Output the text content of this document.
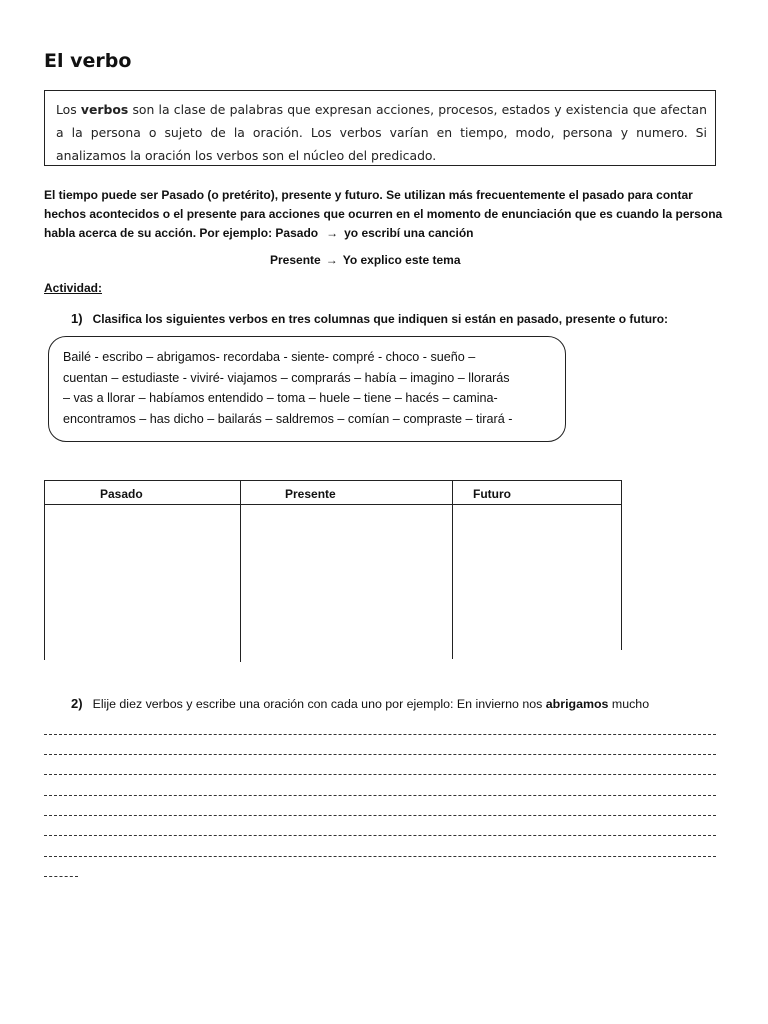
El verbo
Los verbos son la clase de palabras que expresan acciones, procesos, estados y existencia que afectan a la persona o sujeto de la oración. Los verbos varían en tiempo, modo, persona y numero. Si analizamos la oración los verbos son el núcleo del predicado.
El tiempo puede ser Pasado (o pretérito), presente y futuro. Se utilizan más frecuentemente el pasado para contar hechos acontecidos o el presente para acciones que ocurren en el momento de enunciación que es cuando la persona habla acerca de su acción. Por ejemplo: Pasado → yo escribí una canción
Presente → Yo explico este tema
Actividad:
1) Clasifica los siguientes verbos en tres columnas que indiquen si están en pasado, presente o futuro:
Bailé - escribo – abrigamos- recordaba - siente- compré - choco - sueño –
cuentan – estudiaste - viviré- viajamos – comprarás – había – imagino – llorarás
– vas a llorar – habíamos entendido – toma – huele – tiene – hacés – camina-
encontramos – has dicho – bailarás – saldremos – comían – compraste – tirará -
Pasado	Presente	Futuro
2) Elije diez verbos y escribe una oración con cada uno por ejemplo: En invierno nos abrigamos mucho
